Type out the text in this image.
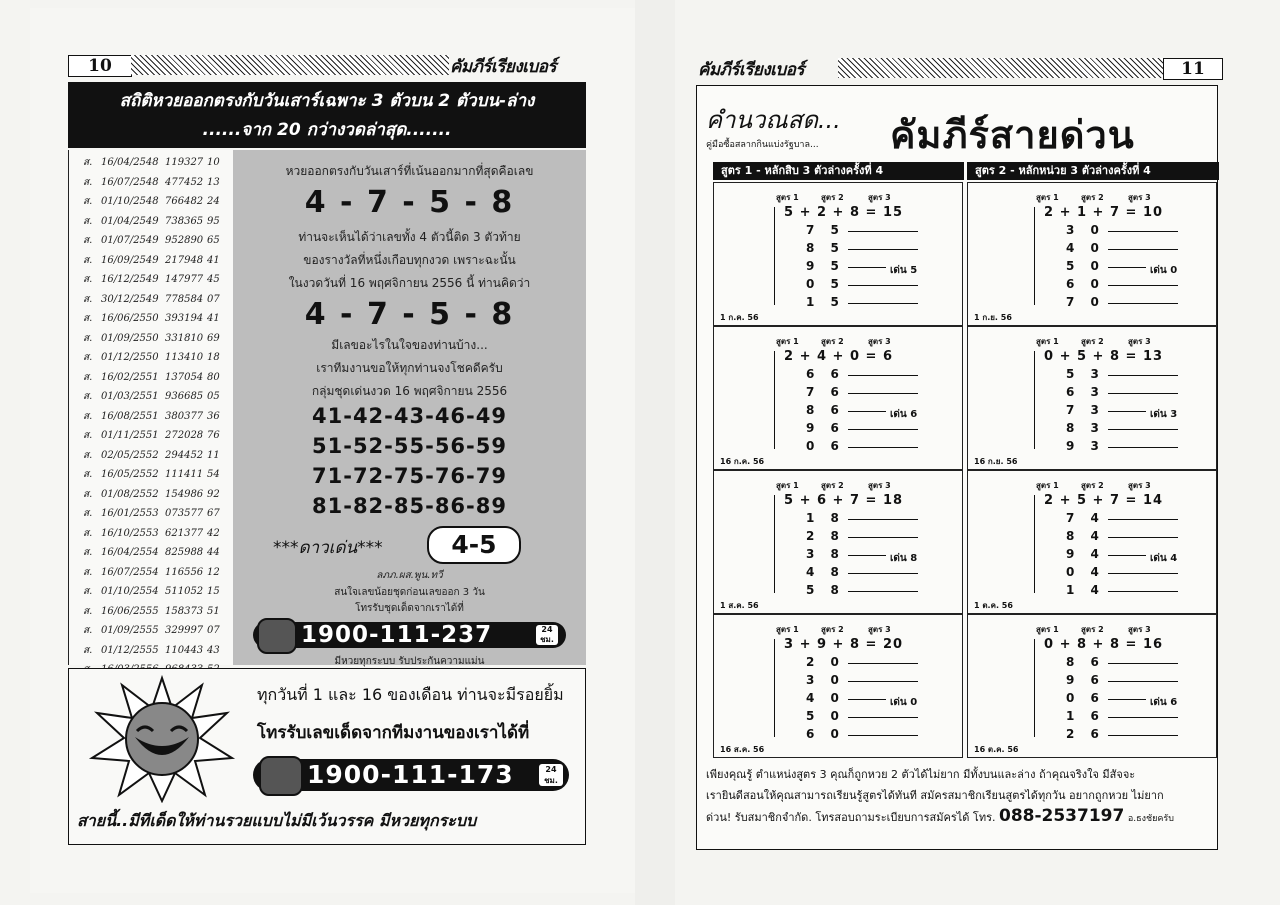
10	คัมภีร์เรียงเบอร์
สถิติหวยออกตรงกับวันเสาร์เฉพาะ 3 ตัวบน 2 ตัวบน-ล่าง
......จาก 20 กว่างวดล่าสุด.......
ส. 16/04/2548 119327 10
ส. 16/07/2548 477452 13
ส. 01/10/2548 766482 24
ส. 01/04/2549 738365 95
ส. 01/07/2549 952890 65
ส. 16/09/2549 217948 41
ส. 16/12/2549 147977 45
ส. 30/12/2549 778584 07
ส. 16/06/2550 393194 41
ส. 01/09/2550 331810 69
ส. 01/12/2550 113410 18
ส. 16/02/2551 137054 80
ส. 01/03/2551 936685 05
ส. 16/08/2551 380377 36
ส. 01/11/2551 272028 76
ส. 02/05/2552 294452 11
ส. 16/05/2552 111411 54
ส. 01/08/2552 154986 92
ส. 16/01/2553 073577 67
ส. 16/10/2553 621377 42
ส. 16/04/2554 825988 44
ส. 16/07/2554 116556 12
ส. 01/10/2554 511052 15
ส. 16/06/2555 158373 51
ส. 01/09/2555 329997 07
ส. 01/12/2555 110443 43
หวยออกตรงกับวันเสาร์ที่เน้นออกมากที่สุดคือเลข
4 - 7 - 5 - 8
ท่านจะเห็นได้ว่าเลขทั้ง 4 ตัวนี้ติด 3 ตัวท้าย
ของรางวัลที่หนึ่งเกือบทุกงวด เพราะฉะนั้น
ในงวดวันที่ 16 พฤศจิกายน 2556 นี้ ท่านคิดว่า
4 - 7 - 5 - 8
มีเลขอะไรในใจของท่านบ้าง...
เราทีมงานขอให้ทุกท่านจงโชคดีครับ
กลุ่มชุดเด่นงวด 16 พฤศจิกายน 2556
41-42-43-46-49
51-52-55-56-59
71-72-75-76-79
81-82-85-86-89
***ดาวเด่น***	4-5
ลภภ.ผส.พูน.ทวี
สนใจเลขน้อยชุดก่อนเลขออก 3 วัน
โทรรับชุดเด็ดจากเราได้ที่
1900-111-237	24 ชม.
มีหวยทุกระบบ รับประกันความแม่น
ทุกวันที่ 1 และ 16 ของเดือน ท่านจะมีรอยยิ้ม
โทรรับเลขเด็ดจากทีมงานของเราได้ที่
1900-111-173	24 ชม.
สายนี้..มีทีเด็ดให้ท่านรวยแบบไม่มีเว้นวรรค มีหวยทุกระบบ
คัมภีร์เรียงเบอร์	11
คำนวณสด...
คู่มือซื้อสลากกินแบ่งรัฐบาล... คัมภีร์สายด่วน
สูตร 1 - หลักสิบ 3 ตัวล่างครั้งที่ 4	สูตร 2 - หลักหน่วย 3 ตัวล่างครั้งที่ 4
สูตร 1	สูตร 2	สูตร 3
5 + 2 + 8 = 15
7 5
8 5
9 5
0 5
1 5
เด่น 5
1 ก.ค. 56
สูตร 1	สูตร 2	สูตร 3
2 + 1 + 7 = 10
3 0
4 0
5 0
6 0
7 0
เด่น 0
1 ก.ย. 56
สูตร 1	สูตร 2	สูตร 3
2 + 4 + 0 = 6
6 6
7 6
8 6
9 6
0 6
เด่น 6
16 ก.ค. 56
สูตร 1	สูตร 2	สูตร 3
0 + 5 + 8 = 13
5 3
6 3
7 3
8 3
9 3
เด่น 3
16 ก.ย. 56
สูตร 1	สูตร 2	สูตร 3
5 + 6 + 7 = 18
1 8
2 8
3 8
4 8
5 8
เด่น 8
1 ส.ค. 56
สูตร 1	สูตร 2	สูตร 3
2 + 5 + 7 = 14
7 4
8 4
9 4
0 4
1 4
เด่น 4
1 ต.ค. 56
สูตร 1	สูตร 2	สูตร 3
3 + 9 + 8 = 20
2 0
3 0
4 0
5 0
6 0
เด่น 0
16 ส.ค. 56
สูตร 1	สูตร 2	สูตร 3
0 + 8 + 8 = 16
8 6
9 6
0 6
1 6
2 6
เด่น 6
16 ต.ค. 56
เพียงคุณรู้ ตำแหน่งสูตร 3 คุณก็ถูกหวย 2 ตัวได้ไม่ยาก มีทั้งบนและล่าง ถ้าคุณจริงใจ มีสัจจะ
เรายินดีสอนให้คุณสามารถเรียนรู้สูตรได้ทันที สมัครสมาชิกเรียนสูตรได้ทุกวัน อยากถูกหวย ไม่ยาก
ด่วน! รับสมาชิกจำกัด. โทรสอบถามระเบียบการสมัครได้ โทร. 088-2537197 อ.ธงชัยครับ
